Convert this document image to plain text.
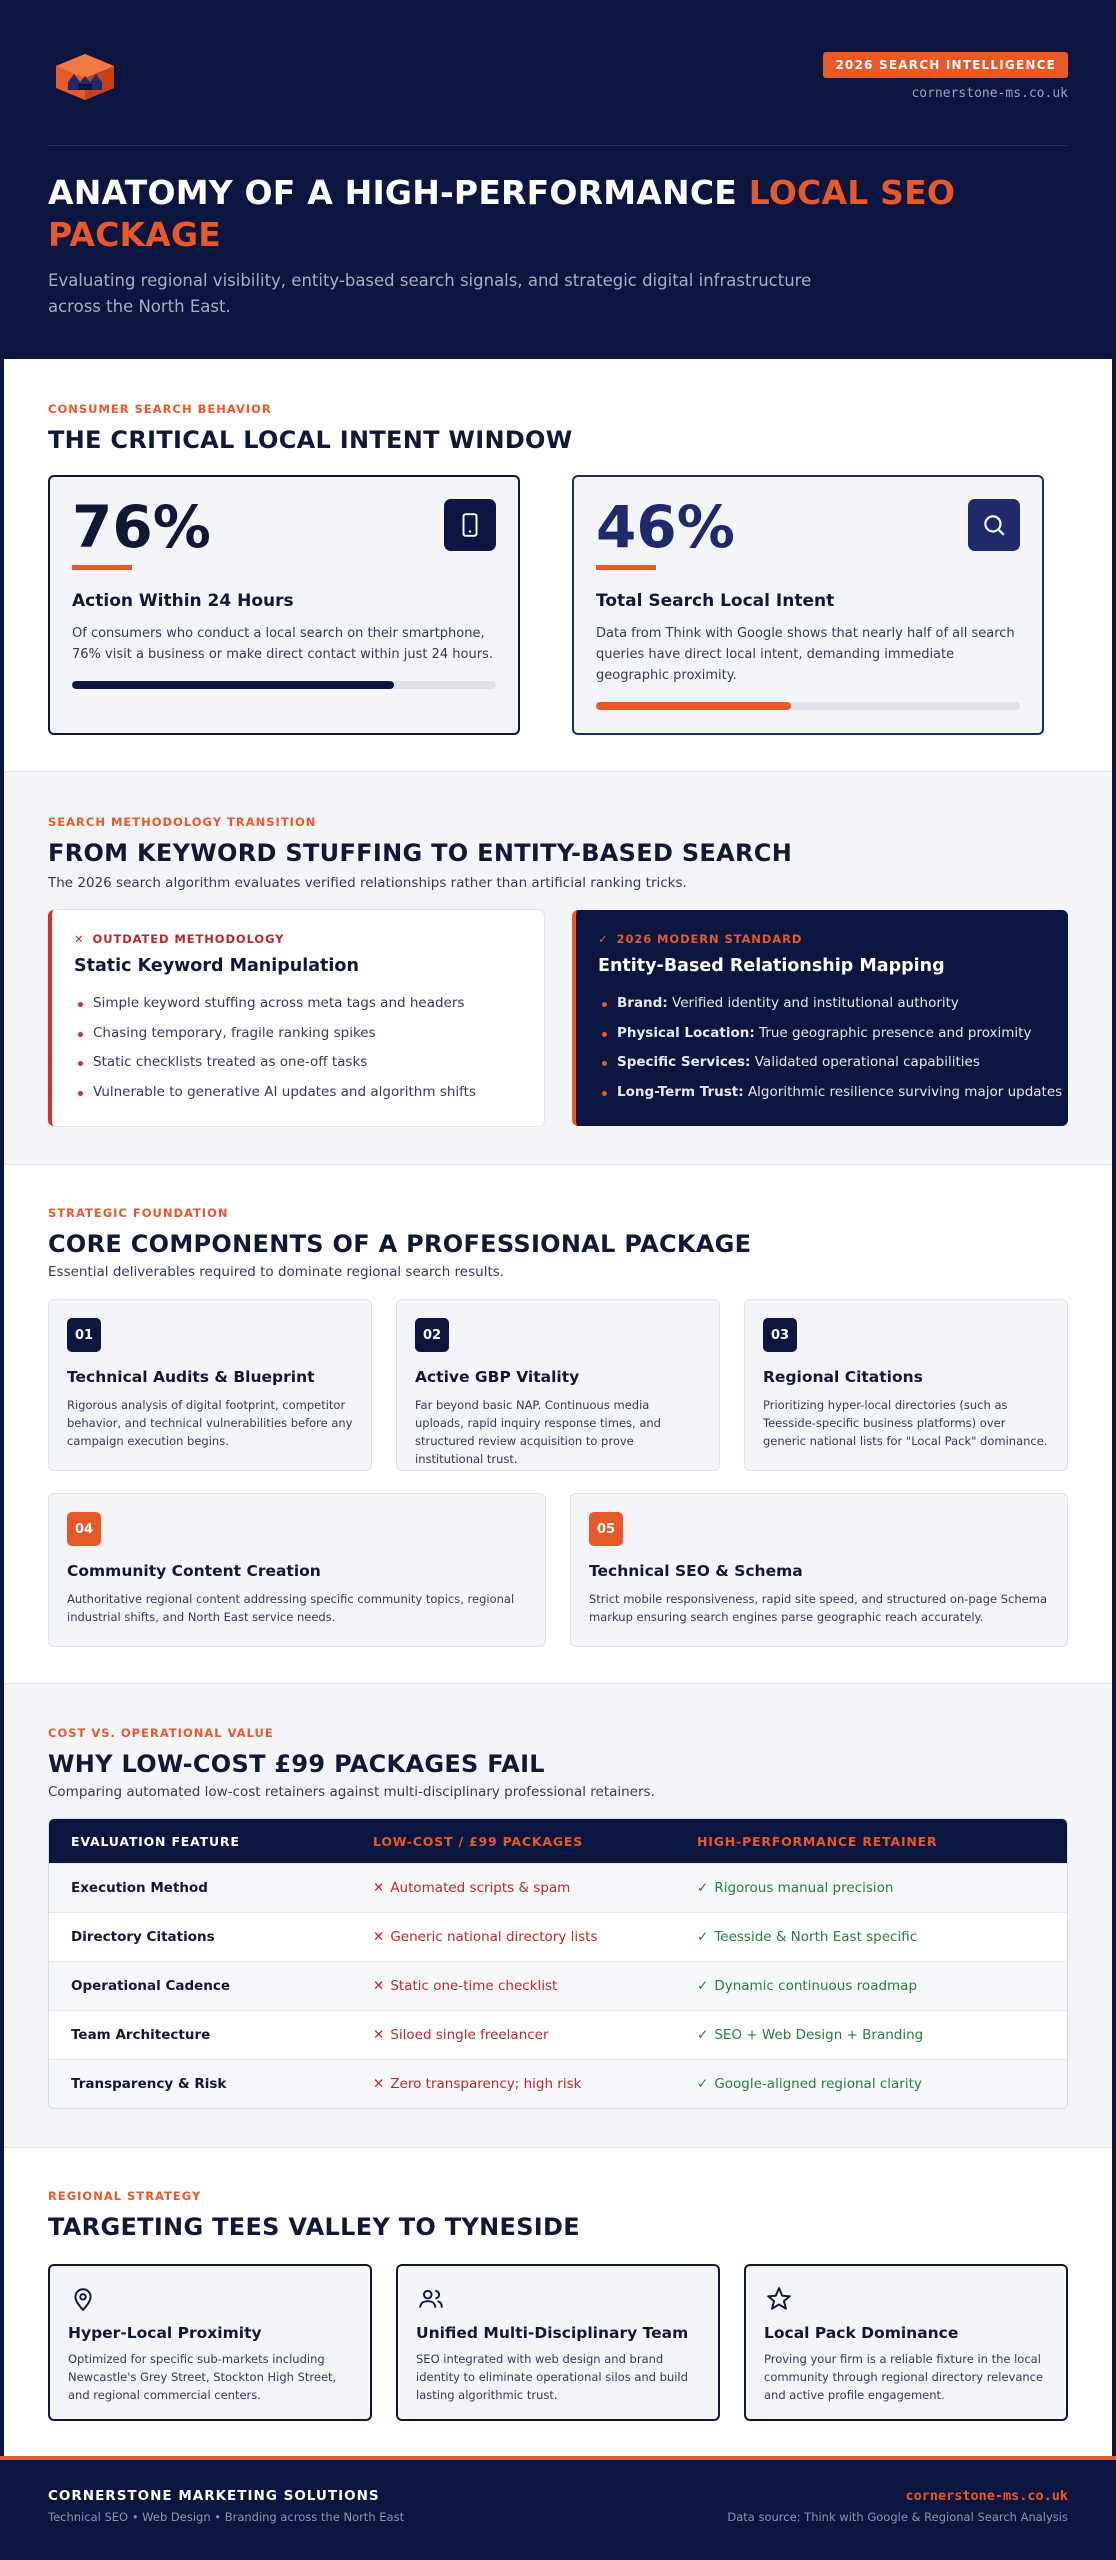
2026 SEARCH INTELLIGENCE
cornerstone-ms.co.uk
ANATOMY OF A HIGH-PERFORMANCE LOCAL SEO PACKAGE

Evaluating regional visibility, entity-based search signals, and strategic digital infrastructure across the North East.

CONSUMER SEARCH BEHAVIOR
THE CRITICAL LOCAL INTENT WINDOW
76%
Action Within 24 Hours
Of consumers who conduct a local search on their smartphone, 76% visit a business or make direct contact within just 24 hours.
46%
Total Search Local Intent
Data from Think with Google shows that nearly half of all search queries have direct local intent, demanding immediate geographic proximity.
SEARCH METHODOLOGY TRANSITION
FROM KEYWORD STUFFING TO ENTITY-BASED SEARCH

The 2026 search algorithm evaluates verified relationships rather than artificial ranking tricks.

✕ OUTDATED METHODOLOGY
Static Keyword Manipulation
Simple keyword stuffing across meta tags and headers
Chasing temporary, fragile ranking spikes
Static checklists treated as one-off tasks
Vulnerable to generative AI updates and algorithm shifts
✓ 2026 MODERN STANDARD
Entity-Based Relationship Mapping
Brand: Verified identity and institutional authority
Physical Location: True geographic presence and proximity
Specific Services: Validated operational capabilities
Long-Term Trust: Algorithmic resilience surviving major updates
STRATEGIC FOUNDATION
CORE COMPONENTS OF A PROFESSIONAL PACKAGE

Essential deliverables required to dominate regional search results.

01
Technical Audits & Blueprint
Rigorous analysis of digital footprint, competitor behavior, and technical vulnerabilities before any campaign execution begins.
02
Active GBP Vitality
Far beyond basic NAP. Continuous media uploads, rapid inquiry response times, and structured review acquisition to prove institutional trust.
03
Regional Citations
Prioritizing hyper-local directories (such as Teesside-specific business platforms) over generic national lists for "Local Pack" dominance.
04
Community Content Creation
Authoritative regional content addressing specific community topics, regional industrial shifts, and North East service needs.
05
Technical SEO & Schema
Strict mobile responsiveness, rapid site speed, and structured on-page Schema markup ensuring search engines parse geographic reach accurately.
COST VS. OPERATIONAL VALUE
WHY LOW-COST £99 PACKAGES FAIL

Comparing automated low-cost retainers against multi-disciplinary professional retainers.

EVALUATION FEATURE	LOW-COST / £99 PACKAGES	HIGH-PERFORMANCE RETAINER
Execution Method	✕ Automated scripts & spam	✓ Rigorous manual precision
Directory Citations	✕ Generic national directory lists	✓ Teesside & North East specific
Operational Cadence	✕ Static one-time checklist	✓ Dynamic continuous roadmap
Team Architecture	✕ Siloed single freelancer	✓ SEO + Web Design + Branding
Transparency & Risk	✕ Zero transparency; high risk	✓ Google-aligned regional clarity
REGIONAL STRATEGY
TARGETING TEES VALLEY TO TYNESIDE
Hyper-Local Proximity
Optimized for specific sub-markets including Newcastle's Grey Street, Stockton High Street, and regional commercial centers.
Unified Multi-Disciplinary Team
SEO integrated with web design and brand identity to eliminate operational silos and build lasting algorithmic trust.
Local Pack Dominance
Proving your firm is a reliable fixture in the local community through regional directory relevance and active profile engagement.
CORNERSTONE MARKETING SOLUTIONS
Technical SEO • Web Design • Branding across the North East
cornerstone-ms.co.uk
Data source: Think with Google & Regional Search Analysis
